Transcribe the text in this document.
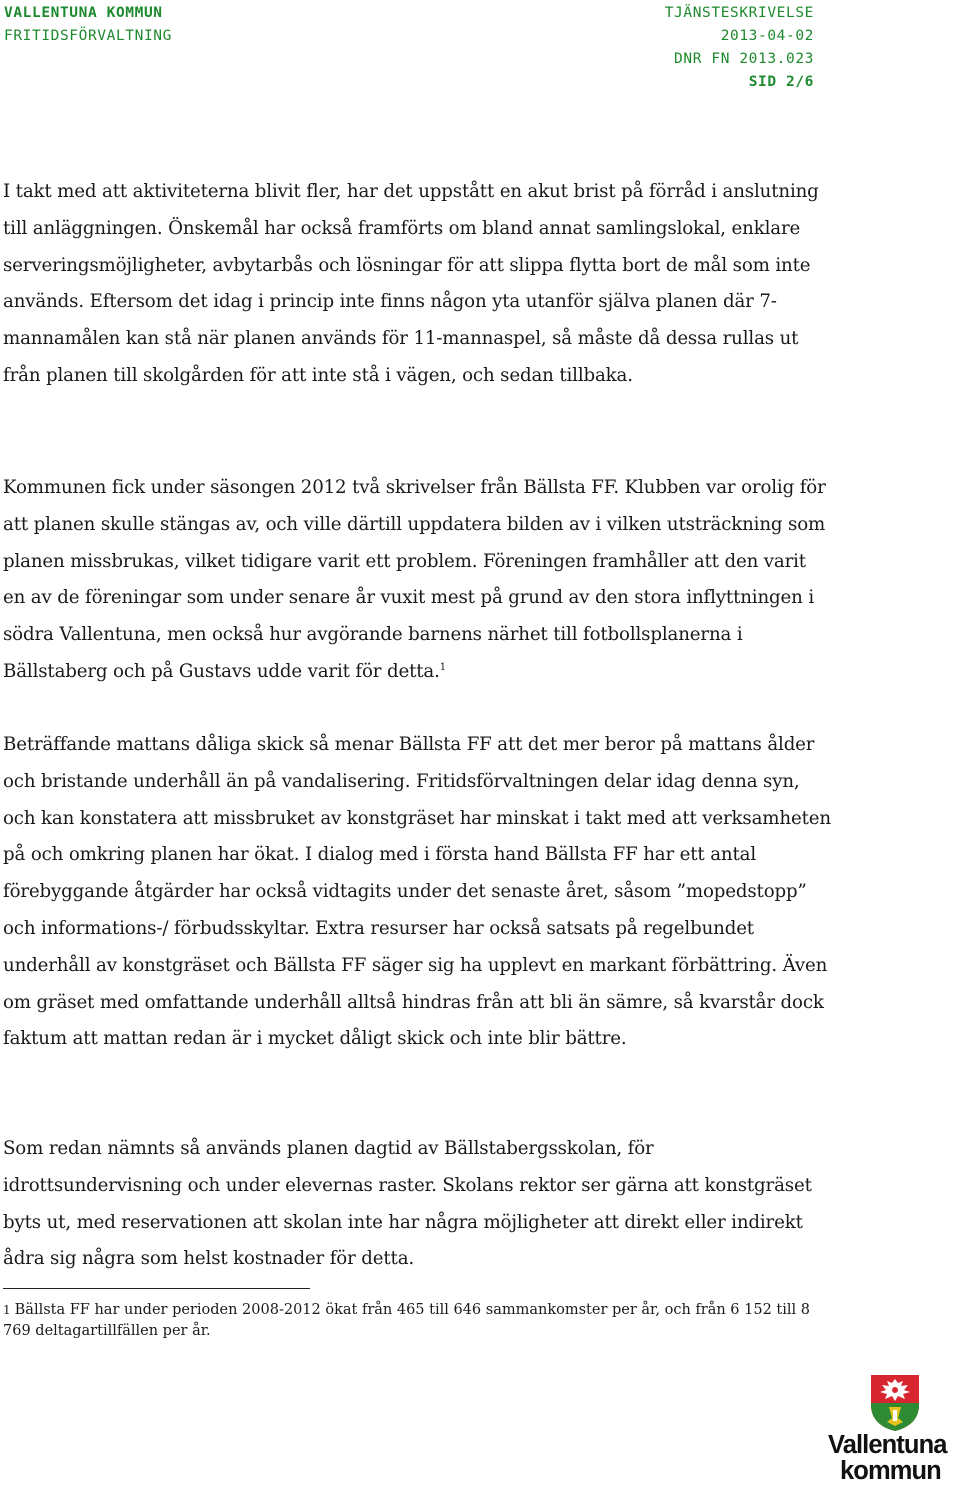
VALLENTUNA KOMMUN
FRITIDSFÖRVALTNING
TJÄNSTESKRIVELSE
2013-04-02
DNR FN 2013.023
SID 2/6

I takt med att aktiviteterna blivit fler, har det uppstått en akut brist på förråd i anslutning till anläggningen. Önskemål har också framförts om bland annat samlingslokal, enklare serveringsmöjligheter, avbytarbås och lösningar för att slippa flytta bort de mål som inte används. Eftersom det idag i princip inte finns någon yta utanför själva planen där 7-mannamålen kan stå när planen används för 11-mannaspel, så måste då dessa rullas ut från planen till skolgården för att inte stå i vägen, och sedan tillbaka.

Kommunen fick under säsongen 2012 två skrivelser från Bällsta FF. Klubben var orolig för att planen skulle stängas av, och ville därtill uppdatera bilden av i vilken utsträckning som planen missbrukas, vilket tidigare varit ett problem. Föreningen framhåller att den varit en av de föreningar som under senare år vuxit mest på grund av den stora inflyttningen i södra Vallentuna, men också hur avgörande barnens närhet till fotbollsplanerna i Bällstaberg och på Gustavs udde varit för detta.$^1$

Beträffande mattans dåliga skick så menar Bällsta FF att det mer beror på mattans ålder och bristande underhåll än på vandalisering. Fritidsförvaltningen delar idag denna syn, och kan konstatera att missbruket av konstgräset har minskat i takt med att verksamheten på och omkring planen har ökat. I dialog med i första hand Bällsta FF har ett antal förebyggande åtgärder har också vidtagits under det senaste året, såsom ”mopedstopp” och informations-/ förbudsskyltar. Extra resurser har också satsats på regelbundet underhåll av konstgräset och Bällsta FF säger sig ha upplevt en markant förbättring. Även om gräset med omfattande underhåll alltså hindras från att bli än sämre, så kvarstår dock faktum att mattan redan är i mycket dåligt skick och inte blir bättre.

Som redan nämnts så används planen dagtid av Bällstabergsskolan, för idrottsundervisning och under elevernas raster. Skolans rektor ser gärna att konstgräset byts ut, med reservationen att skolan inte har några möjligheter att direkt eller indirekt ådra sig några som helst kostnader för detta.

1 Bällsta FF har under perioden 2008-2012 ökat från 465 till 646 sammankomster per år, och från 6 152 till 8 769 deltagartillfällen per år.

Vallentuna
kommun
